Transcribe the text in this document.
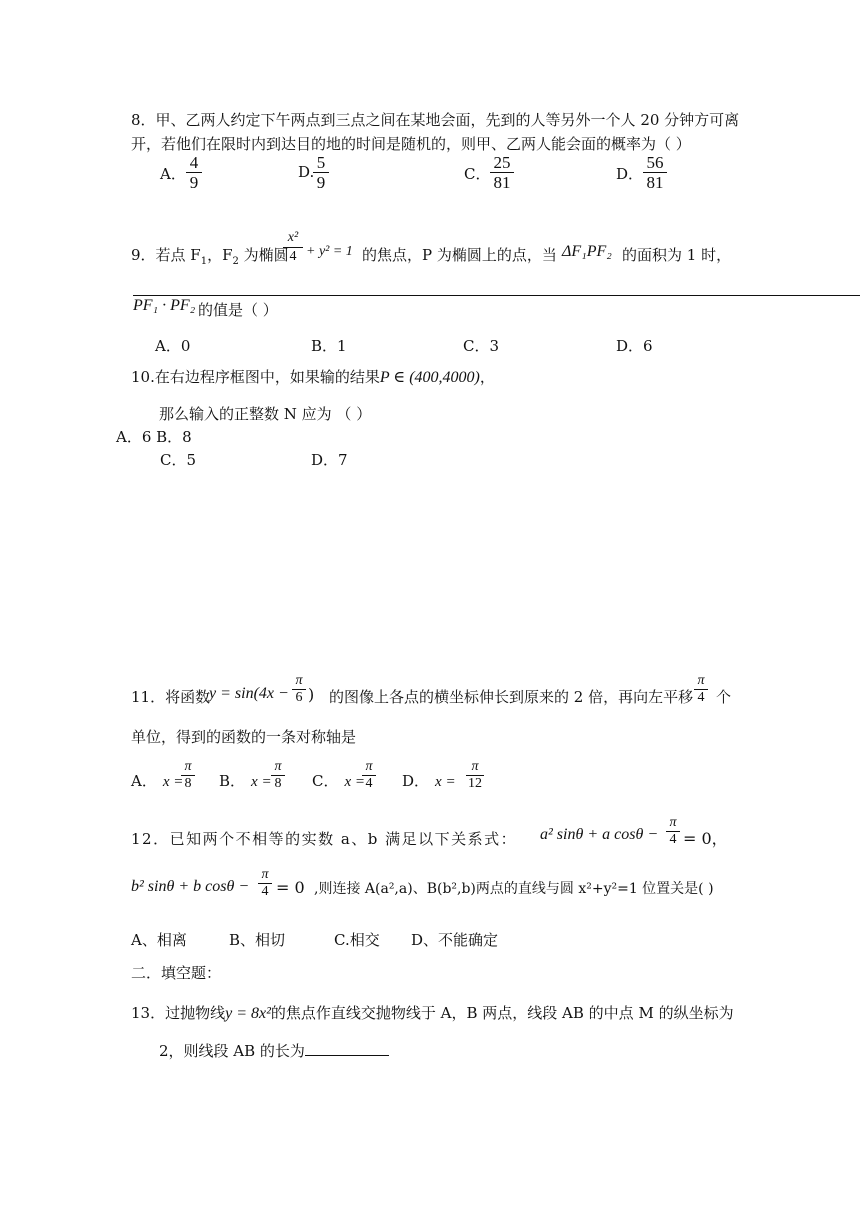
8．甲、乙两人约定下午两点到三点之间在某地会面，先到的人等另外一个人 20 分钟方可离
开，若他们在限时内到达目的地的时间是随机的，则甲、乙两人能会面的概率为（ ）
A．
4
9
D. 5
9	C．
25
81	D．
56
81
9．若点 $F_1$，$F_2$ 为椭圆
x²
4 + y² = 1 的焦点，P 为椭圆上的点，当 ΔF₁PF₂ 的面积为 1 时，
PF₁ · PF₂ 的值是（ ）
A．0	B．1	C．3	D．6
10.在右边程序框图中，如果输的结果P ∈ (400,4000)，
那么输入的正整数 N 应为 （ ）
A．6 B．8
C．5	D．7
11．将函数
y = sin(4x −
π
6 ) 的图像上各点的横坐标伸长到原来的 2 倍，再向左平移
π
4 个
单位，得到的函数的一条对称轴是
A． x =
π
8 B． x =
π
8 C． x =
π
4 D． x =
π
12
12．已知两个不相等的实数 a、b 满足以下关系式： a² sinθ + a cosθ −
π
4 = 0，
b² sinθ + b cosθ −
π
4 = 0 ,则连接 A(a²,a)、B(b²,b)两点的直线与圆 x²+y²=1 位置关是( )
A、相离	B、相切	C.相交 D、不能确定
二．填空题：
13．过抛物线y = 8x²的焦点作直线交抛物线于 A，B 两点，线段 AB 的中点 M 的纵坐标为
2，则线段 AB 的长为
